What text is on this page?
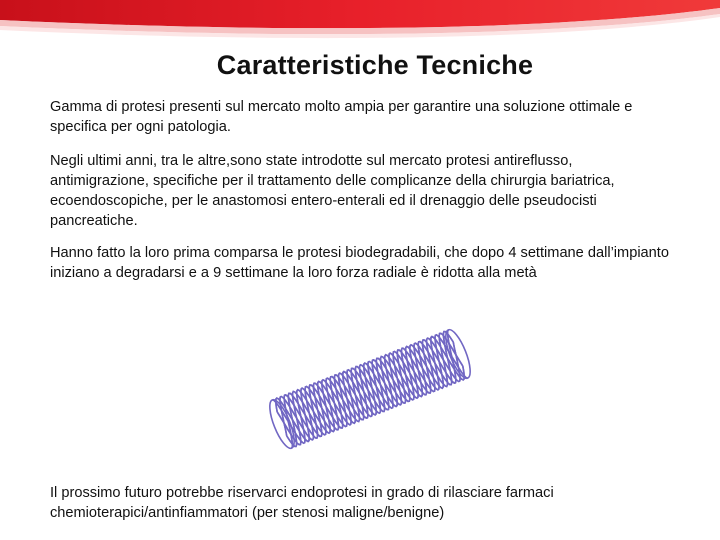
Caratteristiche Tecniche
Gamma di protesi presenti sul mercato molto ampia per garantire una soluzione ottimale e specifica per ogni patologia.
Negli ultimi anni, tra le altre,sono state introdotte sul mercato protesi antireflusso, antimigrazione, specifiche per il trattamento delle complicanze della chirurgia bariatrica, ecoendoscopiche, per le anastomosi entero-enterali ed il drenaggio delle pseudocisti pancreatiche.
Hanno fatto la loro prima comparsa le protesi biodegradabili, che dopo 4 settimane dall’impianto iniziano a degradarsi e a 9 settimane la loro forza radiale è ridotta alla metà
Il prossimo futuro potrebbe riservarci endoprotesi in grado di rilasciare farmaci chemioterapici/antinfiammatori (per stenosi maligne/benigne)
